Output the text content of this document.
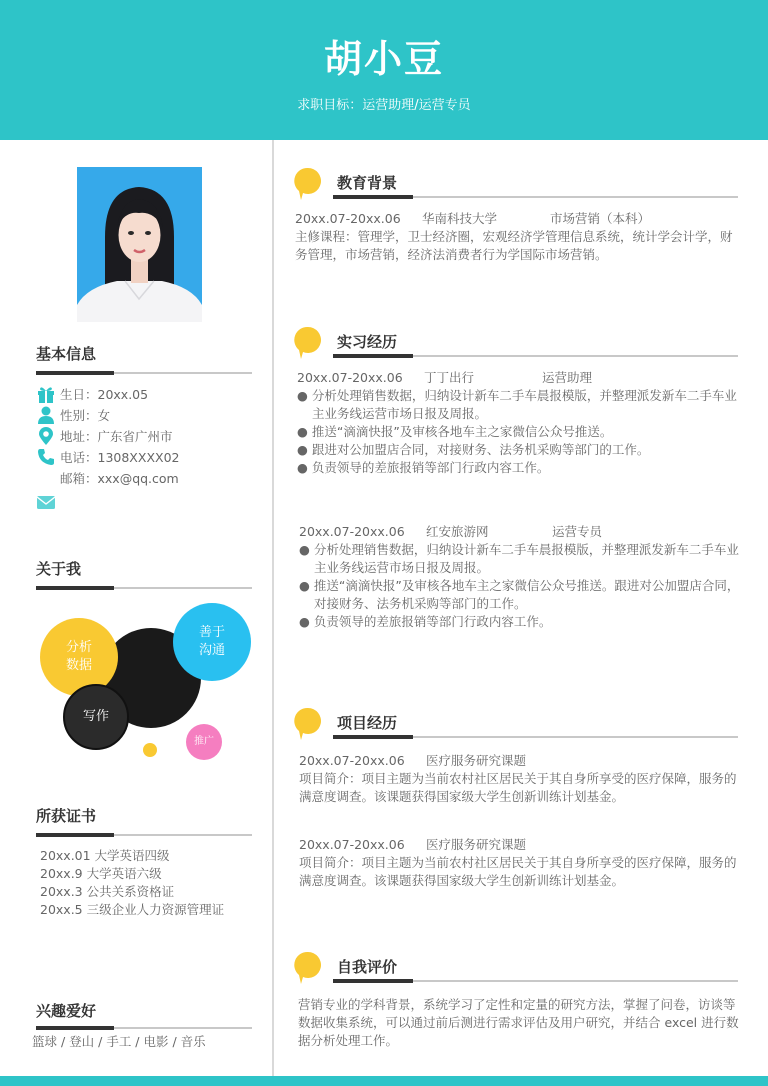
胡小豆
求职目标：运营助理/运营专员
基本信息
生日：20xx.05
性别：女
地址：广东省广州市
电话：1308XXXX02
邮箱：xxx@qq.com
关于我
分析
数据
善于
沟通
写作
推广
所获证书
20xx.01 大学英语四级
20xx.9 大学英语六级
20xx.3 公共关系资格证
20xx.5 三级企业人力资源管理证
兴趣爱好
篮球 / 登山 / 手工 / 电影 / 音乐
教育背景
20xx.07-20xx.06	华南科技大学	市场营销（本科）
主修课程：管理学，卫士经济圈，宏观经济学管理信息系统，统计学会计学，财务管理，市场营销，经济法消费者行为学国际市场营销。
实习经历
20xx.07-20xx.06	丁丁出行	运营助理
● 分析处理销售数据，归纳设计新车二手车晨报模版，并整理派发新车二手车业主业务线运营市场日报及周报。
● 推送“滴滴快报”及审核各地车主之家微信公众号推送。
● 跟进对公加盟店合同，对接财务、法务机采购等部门的工作。
● 负责领导的差旅报销等部门行政内容工作。
20xx.07-20xx.06	红安旅游网	运营专员
● 分析处理销售数据，归纳设计新车二手车晨报模版，并整理派发新车二手车业主业务线运营市场日报及周报。
● 推送“滴滴快报”及审核各地车主之家微信公众号推送。跟进对公加盟店合同，对接财务、法务机采购等部门的工作。
● 负责领导的差旅报销等部门行政内容工作。
项目经历
20xx.07-20xx.06	医疗服务研究课题
项目简介：项目主题为当前农村社区居民关于其自身所享受的医疗保障，服务的满意度调查。该课题获得国家级大学生创新训练计划基金。
20xx.07-20xx.06	医疗服务研究课题
项目简介：项目主题为当前农村社区居民关于其自身所享受的医疗保障，服务的满意度调查。该课题获得国家级大学生创新训练计划基金。
自我评价
营销专业的学科背景，系统学习了定性和定量的研究方法，掌握了问卷，访谈等数据收集系统，可以通过前后测进行需求评估及用户研究，并结合 excel 进行数据分析处理工作。
